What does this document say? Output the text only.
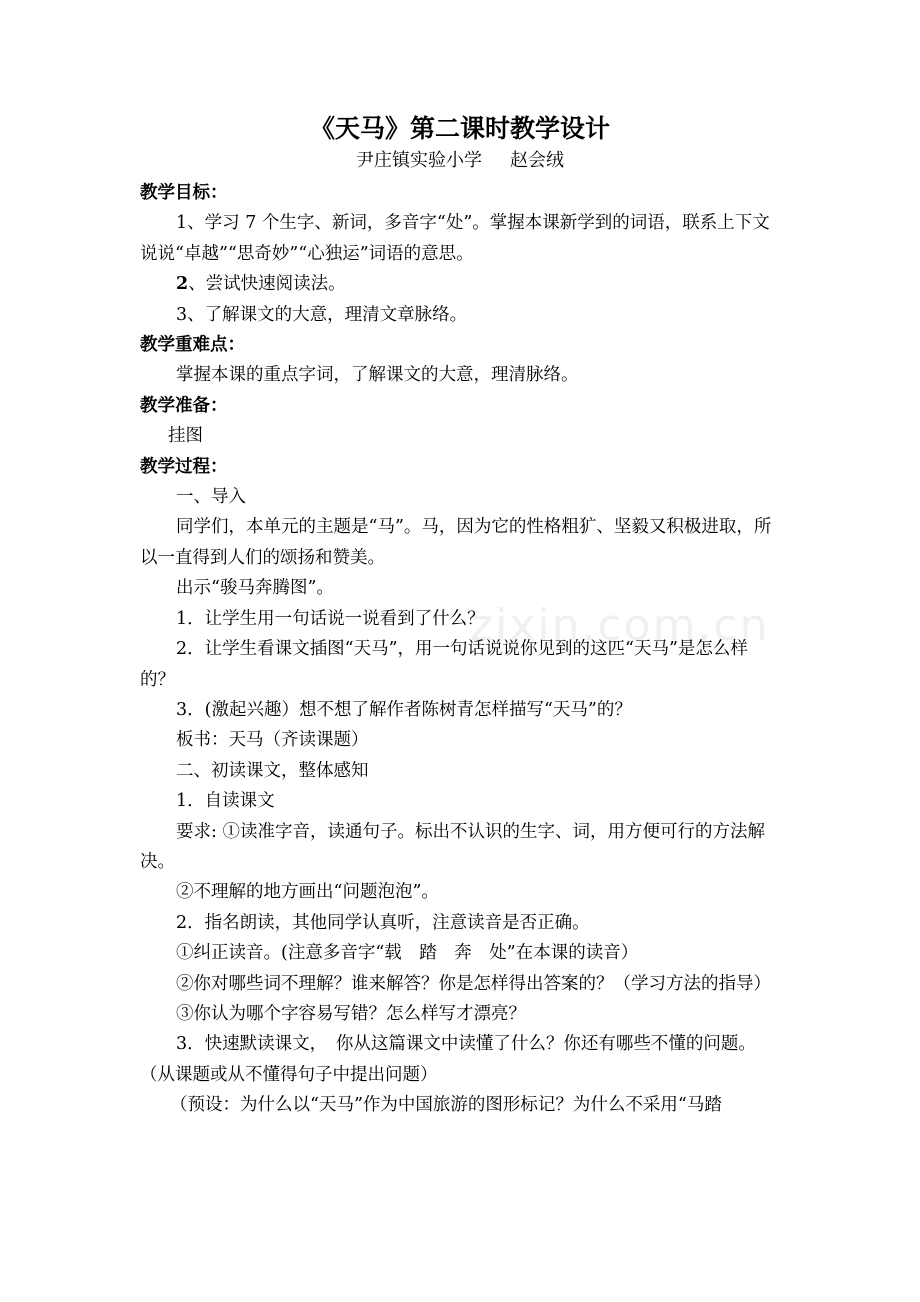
zixin.com.cn
《天马》第二课时教学设计
尹庄镇实验小学 赵会绒

教学目标：

1、学习 7 个生字、新词，多音字“处”。掌握本课新学到的词语，联系上下文说说“卓越”“思奇妙”“心独运”词语的意思。

2、尝试快速阅读法。

3、了解课文的大意，理清文章脉络。

教学重难点：

掌握本课的重点字词，了解课文的大意，理清脉络。

教学准备：

挂图

教学过程：

一、导入

同学们，本单元的主题是“马”。马，因为它的性格粗犷、坚毅又积极进取，所以一直得到人们的颂扬和赞美。

出示“骏马奔腾图”。

1．让学生用一句话说一说看到了什么？

2．让学生看课文插图“天马”，用一句话说说你见到的这匹“天马”是怎么样的？

3．(激起兴趣）想不想了解作者陈树青怎样描写“天马”的？

板书：天马（齐读课题）

二、初读课文，整体感知

1．自读课文

要求: ①读准字音，读通句子。标出不认识的生字、词，用方便可行的方法解决。

②不理解的地方画出“问题泡泡”。

2．指名朗读，其他同学认真听，注意读音是否正确。

①纠正读音。(注意多音字“载　踏　奔　处”在本课的读音）

②你对哪些词不理解？谁来解答？你是怎样得出答案的？（学习方法的指导）

③你认为哪个字容易写错？怎么样写才漂亮？

3．快速默读课文，　你从这篇课文中读懂了什么？你还有哪些不懂的问题。（从课题或从不懂得句子中提出问题）

（预设：为什么以“天马”作为中国旅游的图形标记？为什么不采用“马踏
